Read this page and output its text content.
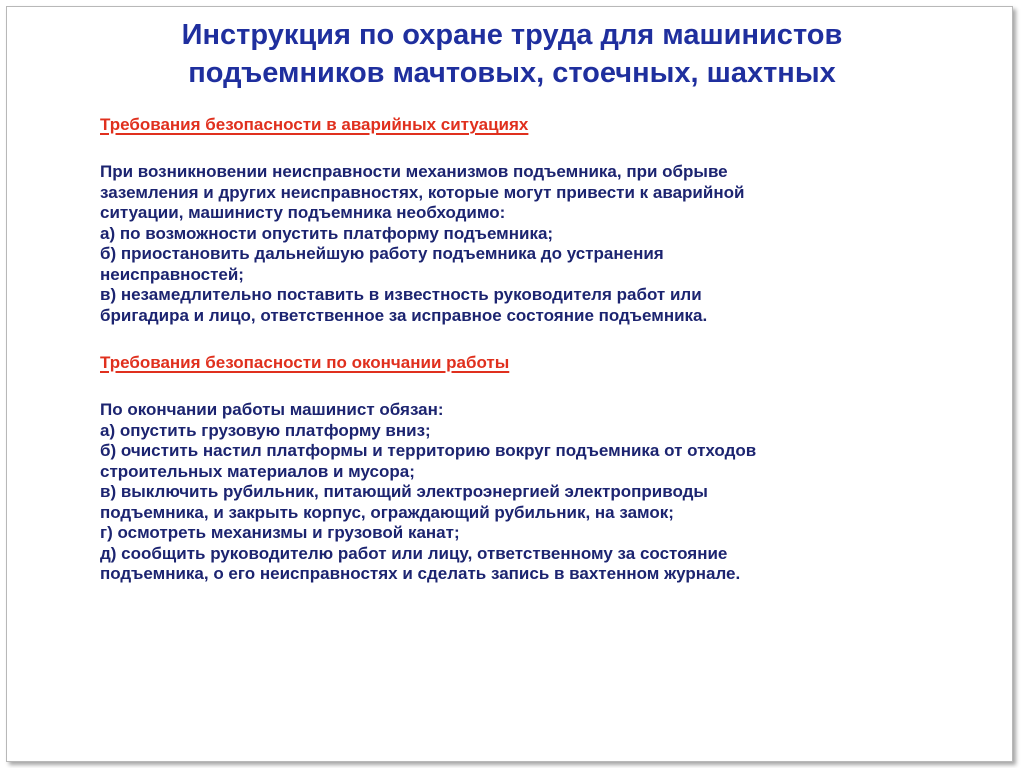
Инструкция по охране труда для машинистов
подъемников мачтовых, стоечных, шахтных
Требования безопасности в аварийных ситуациях
При возникновении неисправности механизмов подъемника, при обрыве
заземления и других неисправностях, которые могут привести к аварийной
ситуации, машинисту подъемника необходимо:
а) по возможности опустить платформу подъемника;
б) приостановить дальнейшую работу подъемника до устранения
неисправностей;
в) незамедлительно поставить в известность руководителя работ или
бригадира и лицо, ответственное за исправное состояние подъемника.
Требования безопасности по окончании работы
По окончании работы машинист обязан:
а) опустить грузовую платформу вниз;
б) очистить настил платформы и территорию вокруг подъемника от отходов
строительных материалов и мусора;
в) выключить рубильник, питающий электроэнергией электроприводы
подъемника, и закрыть корпус, ограждающий рубильник, на замок;
г) осмотреть механизмы и грузовой канат;
д) сообщить руководителю работ или лицу, ответственному за состояние
подъемника, о его неисправностях и сделать запись в вахтенном журнале.
